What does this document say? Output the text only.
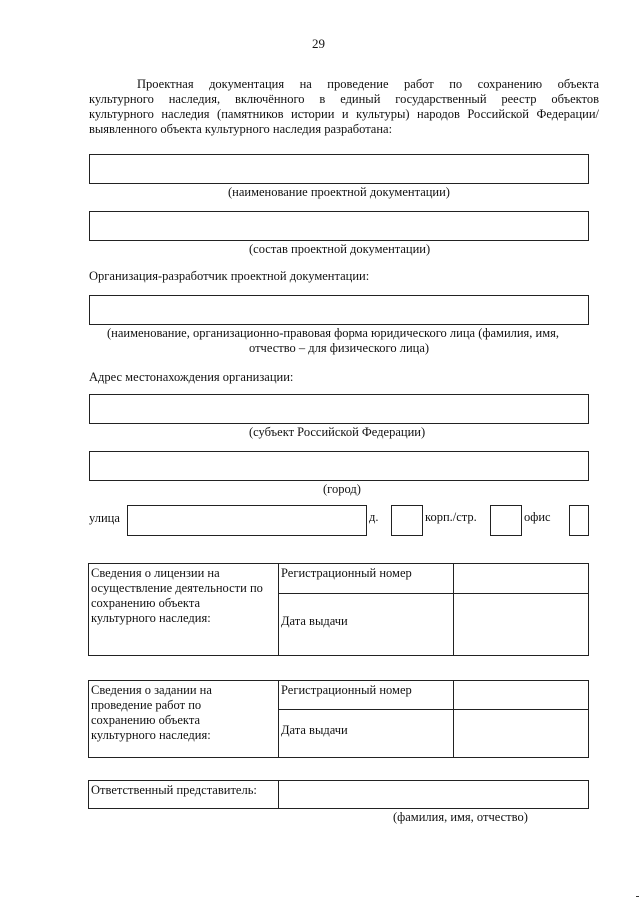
29
Проектная документация на проведение работ по сохранению объекта
культурного наследия, включённого в единый государственный реестр объектов
культурного наследия (памятников истории и культуры) народов Российской Федерации/
выявленного объекта культурного наследия разработана:
(наименование проектной документации)
(состав проектной документации)
Организация-разработчик проектной документации:
(наименование, организационно-правовая форма юридического лица (фамилия, имя,
отчество – для физического лица)
Адрес местонахождения организации:
(субъект Российской Федерации)
(город)
улица	д.	корп./стр.	офис
Сведения о лицензии на
осуществление деятельности по
сохранению объекта
культурного наследия:	Регистрационный номер	
	Дата выдачи	
Сведения о задании на
проведение работ по
сохранению объекта
культурного наследия:	Регистрационный номер	
	Дата выдачи	
Ответственный представитель:	
(фамилия, имя, отчество)
